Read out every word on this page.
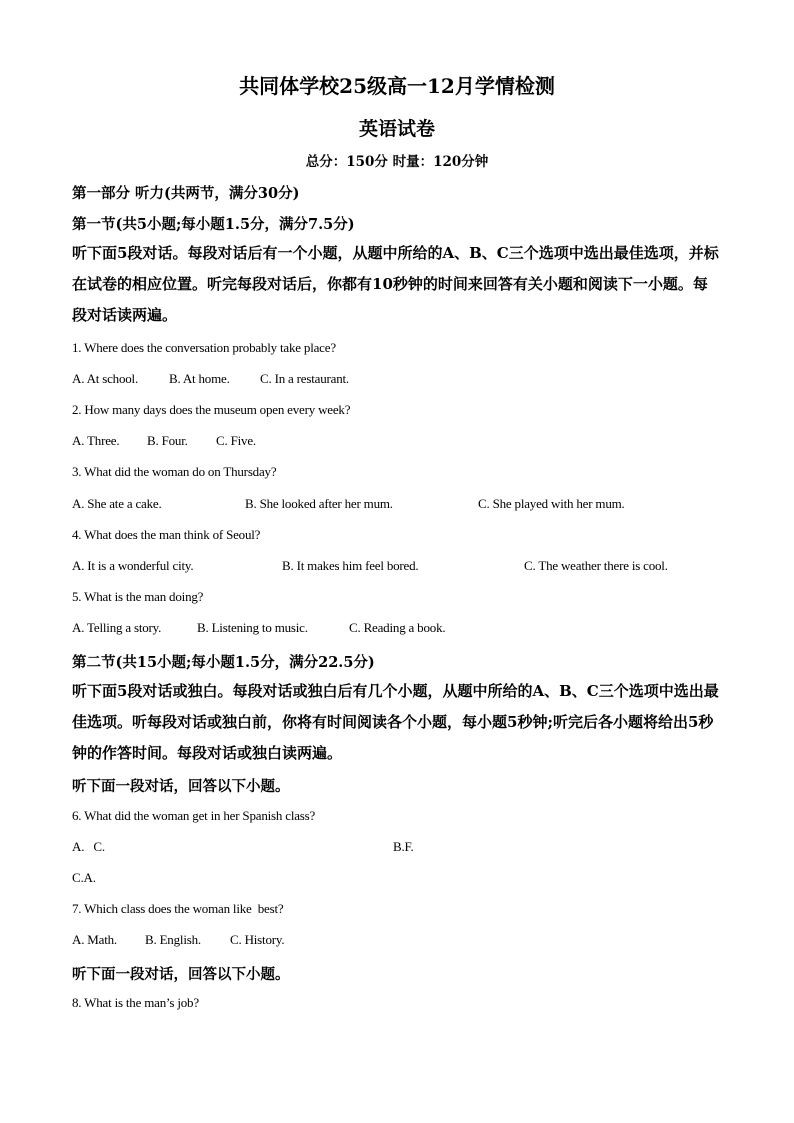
共同体学校25级高一12月学情检测
英语试卷
总分：150分 时量：120分钟
第一部分 听力(共两节，满分30分)
第一节(共5小题;每小题1.5分，满分7.5分)
听下面5段对话。每段对话后有一个小题，从题中所给的A、B、C三个选项中选出最佳选项，并标在试卷的相应位置。听完每段对话后，你都有10秒钟的时间来回答有关小题和阅读下一小题。每段对话读两遍。
1. Where does the conversation probably take place?
A. At school. B. At home. C. In a restaurant.
2. How many days does the museum open every week?
A. Three. B. Four. C. Five.
3. What did the woman do on Thursday?
A. She ate a cake.	B. She looked after her mum.	C. She played with her mum.
4. What does the man think of Seoul?
A. It is a wonderful city.	B. It makes him feel bored.	C. The weather there is cool.
5. What is the man doing?
A. Telling a story.	B. Listening to music.	C. Reading a book.
第二节(共15小题;每小题1.5分，满分22.5分)
听下面5段对话或独白。每段对话或独白后有几个小题，从题中所给的A、B、C三个选项中选出最佳选项。听每段对话或独白前，你将有时间阅读各个小题，每小题5秒钟;听完后各小题将给出5秒钟的作答时间。每段对话或独白读两遍。
听下面一段对话，回答以下小题。
6. What did the woman get in her Spanish class?
A.   C.	B.F.
C.A.
7. Which class does the woman like  best?
A. Math. B. English. C. History.
听下面一段对话，回答以下小题。
8. What is the man’s job?
